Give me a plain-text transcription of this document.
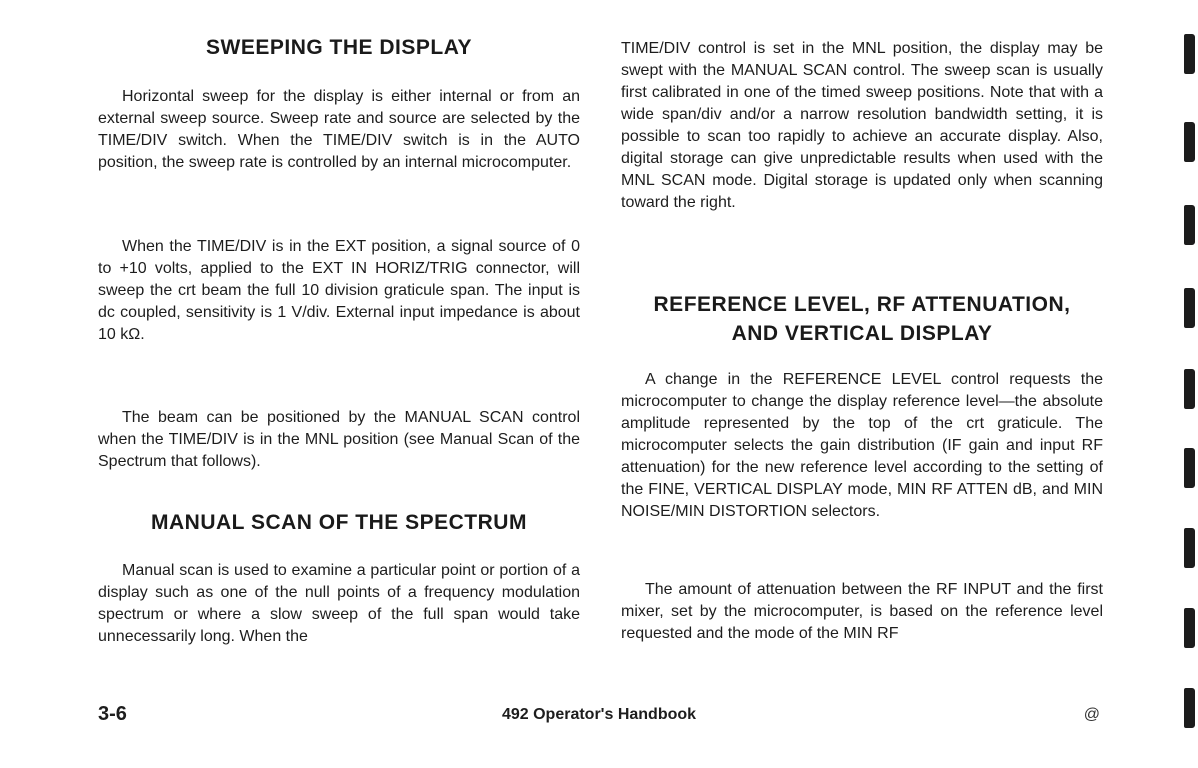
SWEEPING THE DISPLAY

Horizontal sweep for the display is either internal or from an external sweep source. Sweep rate and source are selected by the TIME/DIV switch. When the TIME/DIV switch is in the AUTO position, the sweep rate is controlled by an internal microcomputer.

When the TIME/DIV is in the EXT position, a signal source of 0 to +10 volts, applied to the EXT IN HORIZ/TRIG connector, will sweep the crt beam the full 10 division graticule span. The input is dc coupled, sensitivity is 1 V/div. External input impedance is about 10 kΩ.

The beam can be positioned by the MANUAL SCAN control when the TIME/DIV is in the MNL position (see Manual Scan of the Spectrum that follows).

MANUAL SCAN OF THE SPECTRUM

Manual scan is used to examine a particular point or portion of a display such as one of the null points of a frequency modulation spectrum or where a slow sweep of the full span would take unnecessarily long. When the

TIME/DIV control is set in the MNL position, the display may be swept with the MANUAL SCAN control. The sweep scan is usually first calibrated in one of the timed sweep positions. Note that with a wide span/div and/or a narrow resolution bandwidth setting, it is possible to scan too rapidly to achieve an accurate display. Also, digital storage can give unpredictable results when used with the MNL SCAN mode. Digital storage is updated only when scanning toward the right.

REFERENCE LEVEL, RF ATTENUATION,
AND VERTICAL DISPLAY

A change in the REFERENCE LEVEL control requests the microcomputer to change the display reference level—the absolute amplitude represented by the top of the crt graticule. The microcomputer selects the gain distribution (IF gain and input RF attenuation) for the new reference level according to the setting of the FINE, VERTICAL DISPLAY mode, MIN RF ATTEN dB, and MIN NOISE/MIN DISTORTION selectors.

The amount of attenuation between the RF INPUT and the first mixer, set by the microcomputer, is based on the reference level requested and the mode of the MIN RF

3-6	492 Operator's Handbook	@
